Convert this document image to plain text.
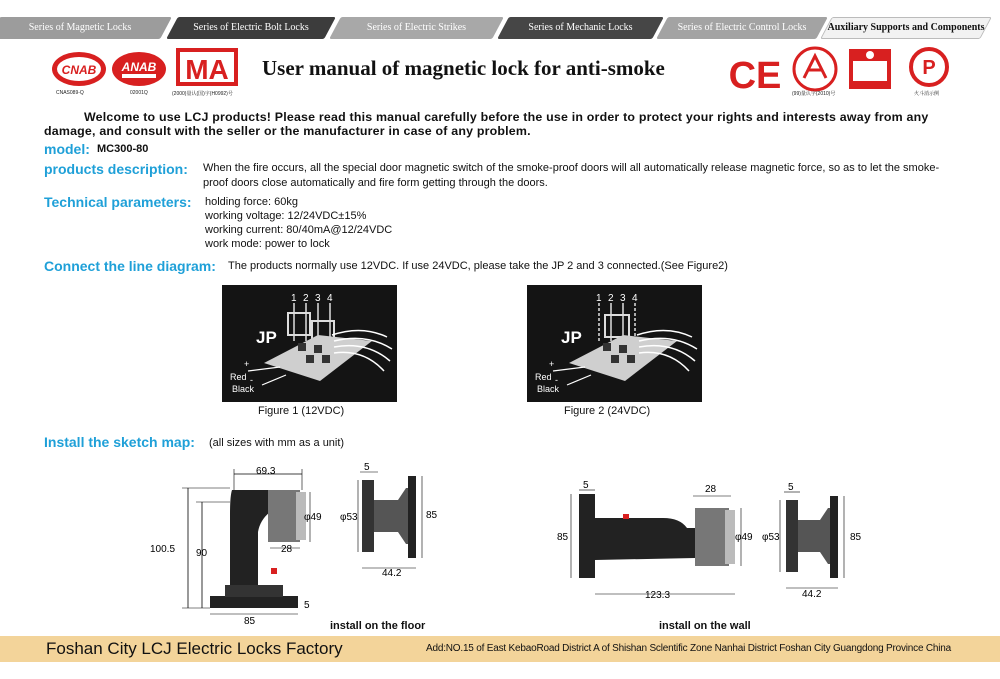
Series of Magnetic Locks	Series of Electric Bolt Locks	Series of Electric Strikes	Series of Mechanic Locks	Series of Electric Control Locks	Auxiliary Supports and Components
CNAB
CNAS089-Q
ANAB
02001Q
MA
(2000)量认(国)字(H0992)号
User manual of magnetic lock for anti-smoke CE (99)量认字(2010)号
P
火斗消示例
Welcome to use LCJ products! Please read this manual carefully before the use in order to protect your rights and interests away from any damage, and consult with the seller or the manufacturer in case of any problem.
model: MC300-80
products description: When the fire occurs, all the special door magnetic switch of the smoke-proof doors will all automatically release magnetic force, so as to let the smoke-proof doors close automatically and fire form getting through the doors.
Technical parameters: holding force: 60kg
working voltage: 12/24VDC±15%
working current: 80/40mA@12/24VDC
work mode: power to lock
Connect the line diagram: The products normally use 12VDC. If use 24VDC, please take the JP 2 and 3 connected.(See Figure2)
1 2 3 4
JP
+
Red -
Black
Figure 1 (12VDC)
1 2 3 4
JP
+
Red -
Black
Figure 2 (24VDC)
Install the sketch map: (all sizes with mm as a unit)
69.3
100.5 90
φ49
28
85
5
5
φ53	85
44.2
install on the floor
5	28
85	φ49
123.3
5
φ53	85
44.2
install on the wall
Foshan City LCJ Electric Locks Factory	Add:NO.15 of East KebaoRoad District A of Shishan Sclentific Zone Nanhai District Foshan City Guangdong Province China
